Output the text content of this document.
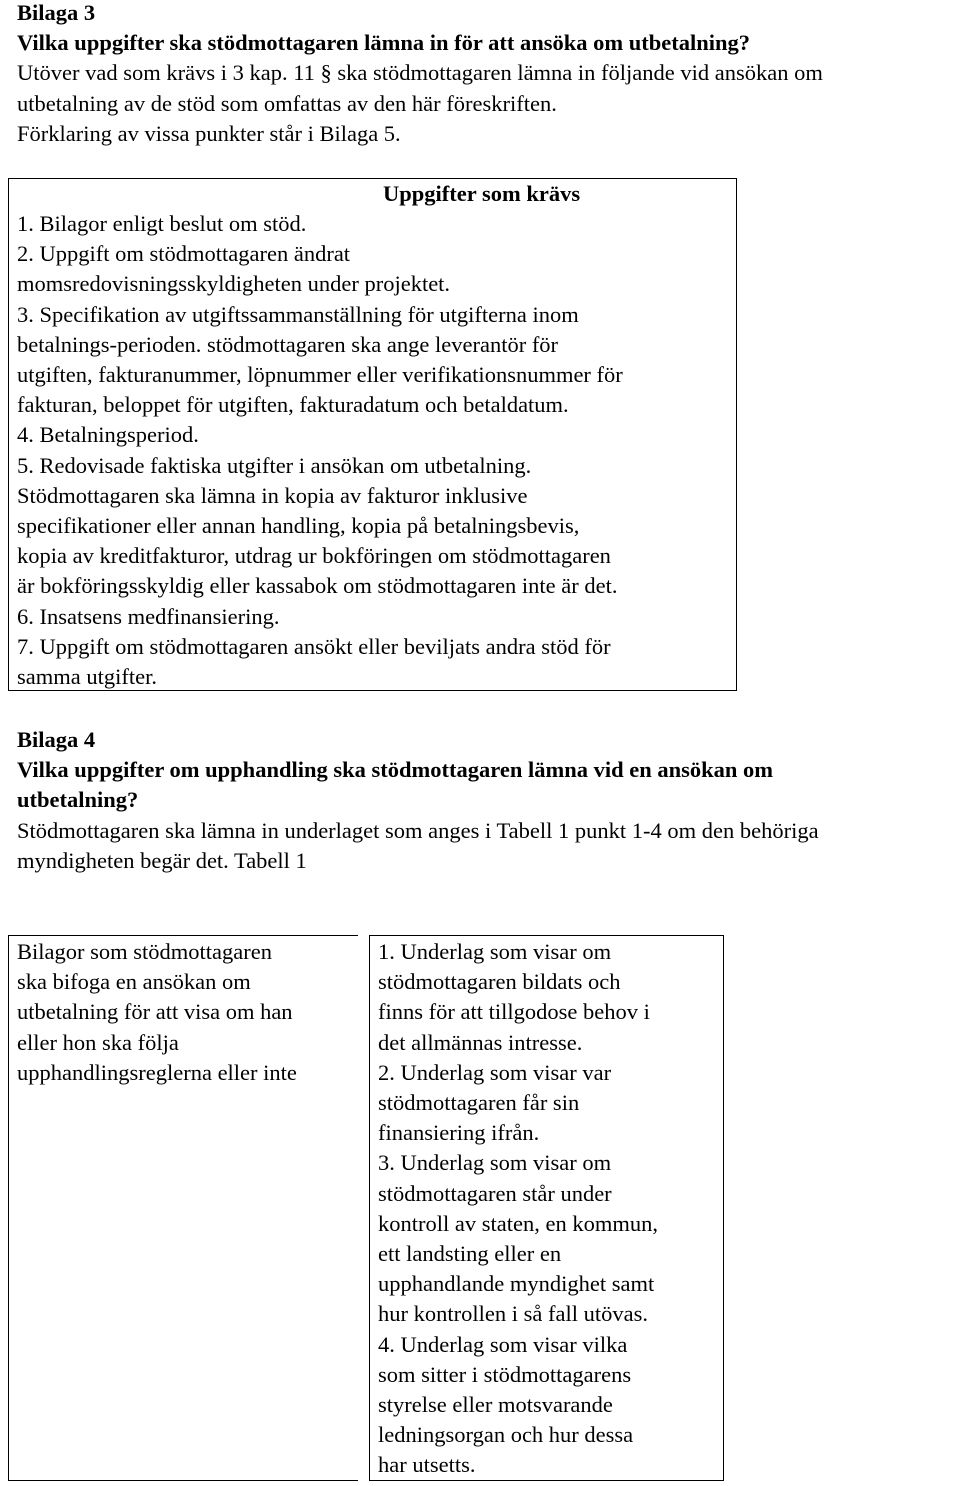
Bilaga 3
Vilka uppgifter ska stödmottagaren lämna in för att ansöka om utbetalning?
Utöver vad som krävs i 3 kap. 11 § ska stödmottagaren lämna in följande vid ansökan om
utbetalning av de stöd som omfattas av den här föreskriften.
Förklaring av vissa punkter står i Bilaga 5.
Uppgifter som krävs
1. Bilagor enligt beslut om stöd.
2. Uppgift om stödmottagaren ändrat
momsredovisningsskyldigheten under projektet.
3. Specifikation av utgiftssammanställning för utgifterna inom
betalnings-perioden. stödmottagaren ska ange leverantör för
utgiften, fakturanummer, löpnummer eller verifikationsnummer för
fakturan, beloppet för utgiften, fakturadatum och betaldatum.
4. Betalningsperiod.
5. Redovisade faktiska utgifter i ansökan om utbetalning.
Stödmottagaren ska lämna in kopia av fakturor inklusive
specifikationer eller annan handling, kopia på betalningsbevis,
kopia av kreditfakturor, utdrag ur bokföringen om stödmottagaren
är bokföringsskyldig eller kassabok om stödmottagaren inte är det.
6. Insatsens medfinansiering.
7. Uppgift om stödmottagaren ansökt eller beviljats andra stöd för
samma utgifter.
Bilaga 4
Vilka uppgifter om upphandling ska stödmottagaren lämna vid en ansökan om
utbetalning?
Stödmottagaren ska lämna in underlaget som anges i Tabell 1 punkt 1-4 om den behöriga
myndigheten begär det. Tabell 1
Bilagor som stödmottagaren
ska bifoga en ansökan om
utbetalning för att visa om han
eller hon ska följa
upphandlingsreglerna eller inte
1. Underlag som visar om
stödmottagaren bildats och
finns för att tillgodose behov i
det allmännas intresse.
2. Underlag som visar var
stödmottagaren får sin
finansiering ifrån.
3. Underlag som visar om
stödmottagaren står under
kontroll av staten, en kommun,
ett landsting eller en
upphandlande myndighet samt
hur kontrollen i så fall utövas.
4. Underlag som visar vilka
som sitter i stödmottagarens
styrelse eller motsvarande
ledningsorgan och hur dessa
har utsetts.
